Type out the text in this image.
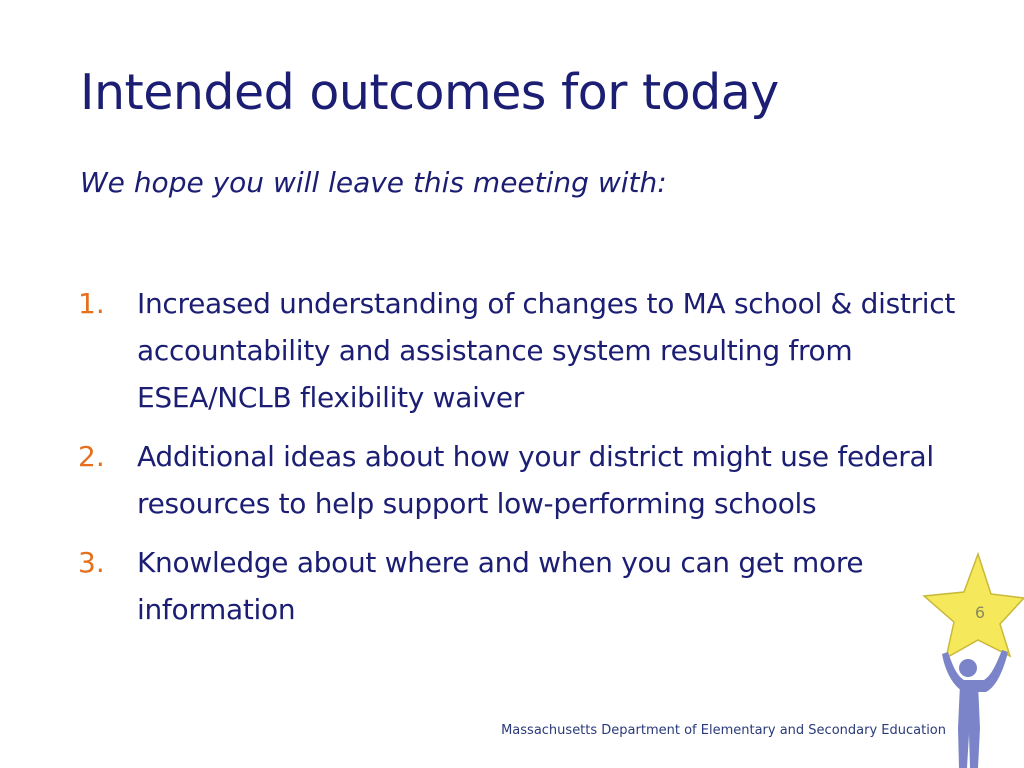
Intended outcomes for today
We hope you will leave this meeting with:
1.	Increased understanding of changes to MA school & district accountability and assistance system resulting from ESEA/NCLB flexibility waiver
2.	Additional ideas about how your district might use federal resources to help support low-performing schools
3.	Knowledge about where and when you can get more information	6
Massachusetts Department of Elementary and Secondary Education
